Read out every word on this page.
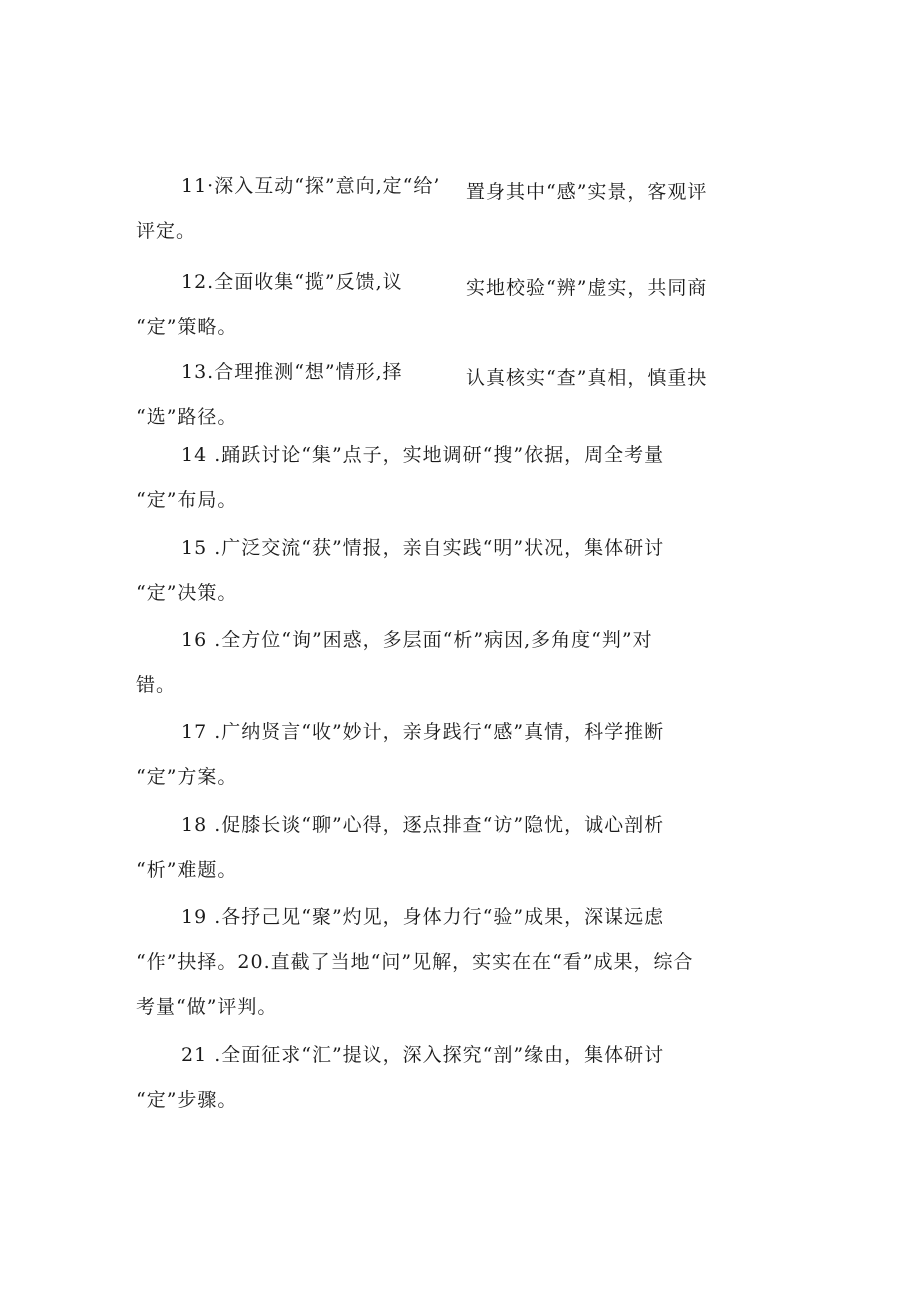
11·深入互动“探”意向,定“给’ 置身其中“感”实景，客观评
评定。
12.全面收集“揽”反馈,议	实地校验“辨”虚实，共同商
“定”策略。
13.合理推测“想”情形,择	认真核实“查”真相，慎重抉
“选”路径。
14 .踊跃讨论“集”点子，实地调研“搜”依据，周全考量
“定”布局。
15 .广泛交流“获”情报，亲自实践“明”状况，集体研讨
“定”决策。
16 .全方位“询”困惑，多层面“析”病因,多角度“判”对
错。
17 .广纳贤言“收”妙计，亲身践行“感”真情，科学推断
“定”方案。
18 .促膝长谈“聊”心得，逐点排查“访”隐忧，诚心剖析
“析”难题。
19 .各抒己见“聚”灼见，身体力行“验”成果，深谋远虑
“作”抉择。20.直截了当地“问”见解，实实在在“看”成果，综合
考量“做”评判。
21 .全面征求“汇”提议，深入探究“剖”缘由，集体研讨
“定”步骤。
